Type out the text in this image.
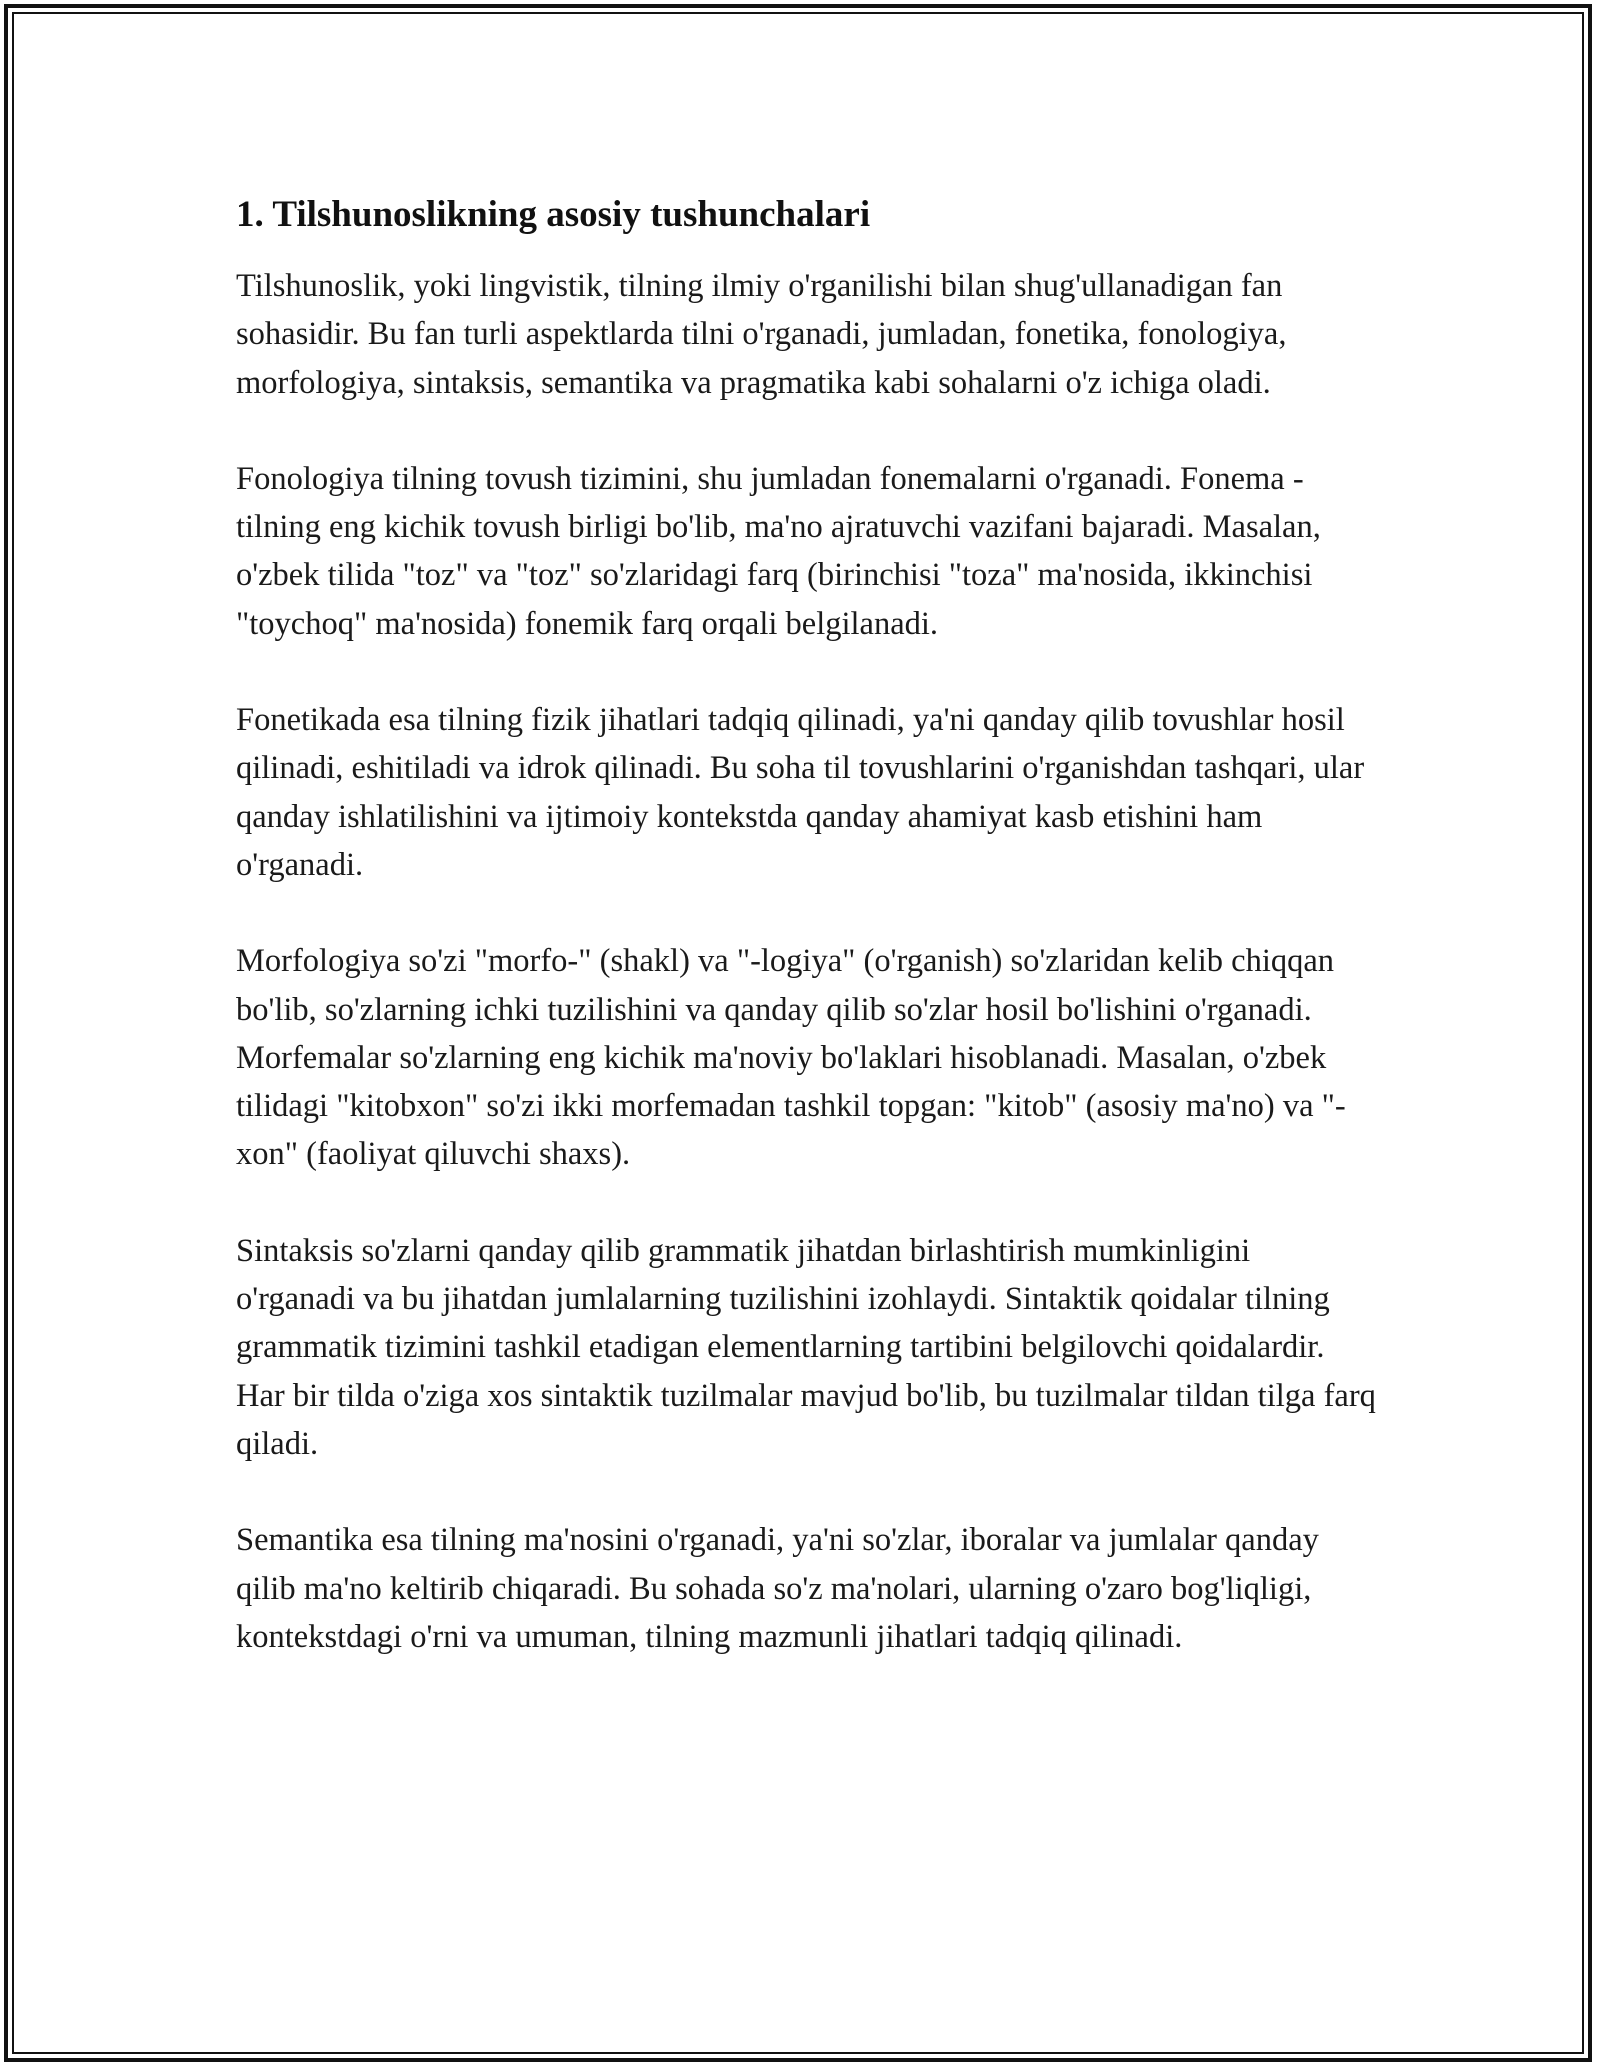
1. Tilshunoslikning asosiy tushunchalari

Tilshunoslik, yoki lingvistik, tilning ilmiy o'rganilishi bilan shug'ullanadigan fan sohasidir. Bu fan turli aspektlarda tilni o'rganadi, jumladan, fonetika, fonologiya, morfologiya, sintaksis, semantika va pragmatika kabi sohalarni o'z ichiga oladi.

Fonologiya tilning tovush tizimini, shu jumladan fonemalarni o'rganadi. Fonema - tilning eng kichik tovush birligi bo'lib, ma'no ajratuvchi vazifani bajaradi. Masalan, o'zbek tilida "toz" va "toz" so'zlaridagi farq (birinchisi "toza" ma'nosida, ikkinchisi "toychoq" ma'nosida) fonemik farq orqali belgilanadi.

Fonetikada esa tilning fizik jihatlari tadqiq qilinadi, ya'ni qanday qilib tovushlar hosil qilinadi, eshitiladi va idrok qilinadi. Bu soha til tovushlarini o'rganishdan tashqari, ular qanday ishlatilishini va ijtimoiy kontekstda qanday ahamiyat kasb etishini ham o'rganadi.

Morfologiya so'zi "morfo-" (shakl) va "-logiya" (o'rganish) so'zlaridan kelib chiqqan bo'lib, so'zlarning ichki tuzilishini va qanday qilib so'zlar hosil bo'lishini o'rganadi. Morfemalar so'zlarning eng kichik ma'noviy bo'laklari hisoblanadi. Masalan, o'zbek tilidagi "kitobxon" so'zi ikki morfemadan tashkil topgan: "kitob" (asosiy ma'no) va "-xon" (faoliyat qiluvchi shaxs).

Sintaksis so'zlarni qanday qilib grammatik jihatdan birlashtirish mumkinligini o'rganadi va bu jihatdan jumlalarning tuzilishini izohlaydi. Sintaktik qoidalar tilning grammatik tizimini tashkil etadigan elementlarning tartibini belgilovchi qoidalardir. Har bir tilda o'ziga xos sintaktik tuzilmalar mavjud bo'lib, bu tuzilmalar tildan tilga farq qiladi.

Semantika esa tilning ma'nosini o'rganadi, ya'ni so'zlar, iboralar va jumlalar qanday qilib ma'no keltirib chiqaradi. Bu sohada so'z ma'nolari, ularning o'zaro bog'liqligi, kontekstdagi o'rni va umuman, tilning mazmunli jihatlari tadqiq qilinadi.
